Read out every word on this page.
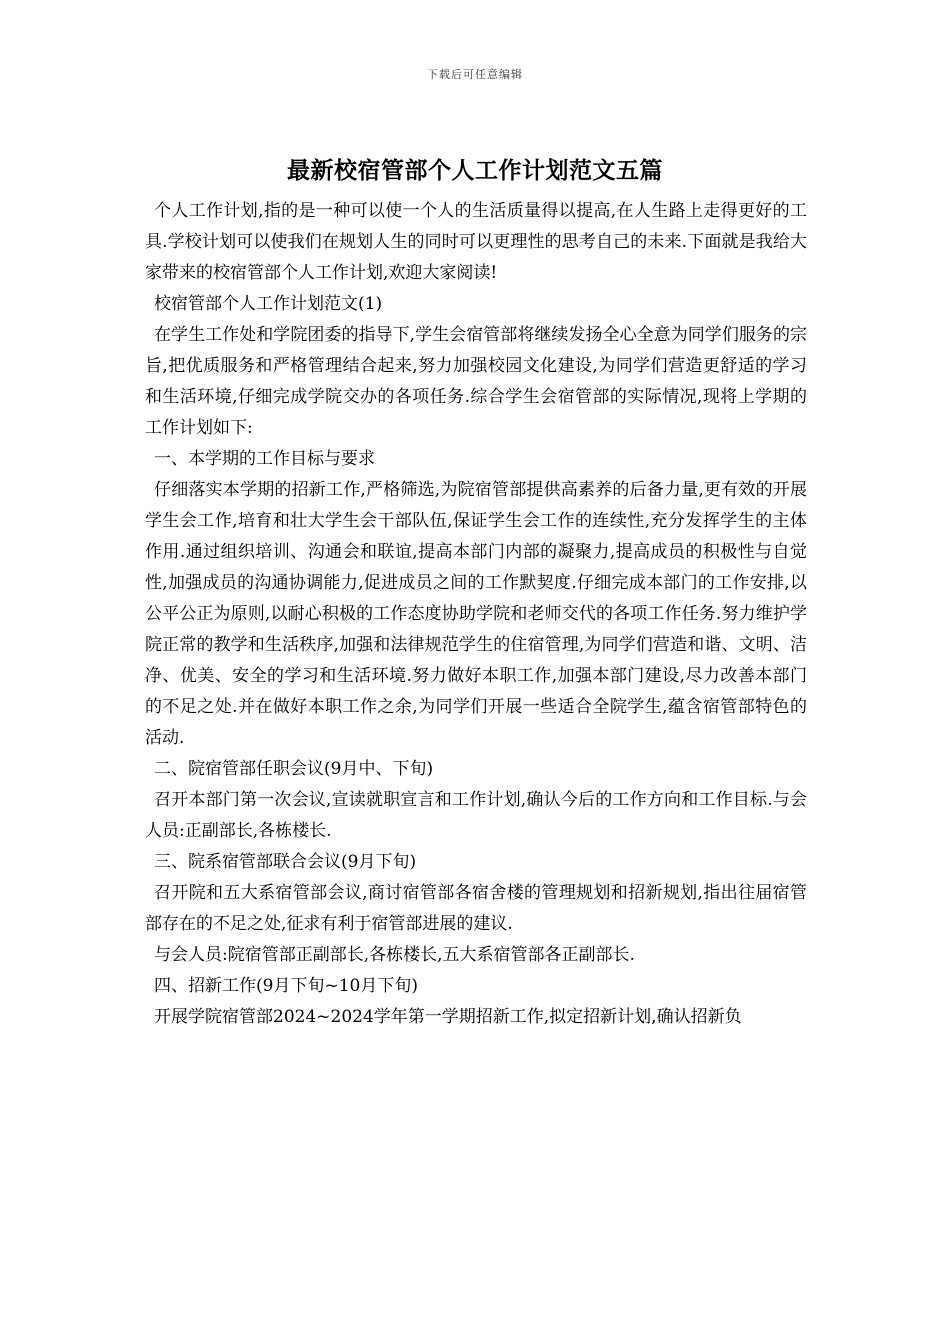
下载后可任意编辑
最新校宿管部个人工作计划范文五篇

个人工作计划,指的是一种可以使一个人的生活质量得以提高,在人生路上走得更好的工具.学校计划可以使我们在规划人生的同时可以更理性的思考自己的未来.下面就是我给大家带来的校宿管部个人工作计划,欢迎大家阅读!

校宿管部个人工作计划范文(1)

在学生工作处和学院团委的指导下,学生会宿管部将继续发扬全心全意为同学们服务的宗旨,把优质服务和严格管理结合起来,努力加强校园文化建设,为同学们营造更舒适的学习和生活环境,仔细完成学院交办的各项任务.综合学生会宿管部的实际情况,现将上学期的工作计划如下:

一、本学期的工作目标与要求

仔细落实本学期的招新工作,严格筛选,为院宿管部提供高素养的后备力量,更有效的开展学生会工作,培育和壮大学生会干部队伍,保证学生会工作的连续性,充分发挥学生的主体作用.通过组织培训、沟通会和联谊,提高本部门内部的凝聚力,提高成员的积极性与自觉性,加强成员的沟通协调能力,促进成员之间的工作默契度.仔细完成本部门的工作安排,以公平公正为原则,以耐心积极的工作态度协助学院和老师交代的各项工作任务.努力维护学院正常的教学和生活秩序,加强和法律规范学生的住宿管理,为同学们营造和谐、文明、洁净、优美、安全的学习和生活环境.努力做好本职工作,加强本部门建设,尽力改善本部门的不足之处.并在做好本职工作之余,为同学们开展一些适合全院学生,蕴含宿管部特色的活动.

二、院宿管部任职会议(9月中、下旬)

召开本部门第一次会议,宣读就职宣言和工作计划,确认今后的工作方向和工作目标.与会人员:正副部长,各栋楼长.

三、院系宿管部联合会议(9月下旬)

召开院和五大系宿管部会议,商讨宿管部各宿舍楼的管理规划和招新规划,指出往届宿管部存在的不足之处,征求有利于宿管部进展的建议.

与会人员:院宿管部正副部长,各栋楼长,五大系宿管部各正副部长.

四、招新工作(9月下旬~10月下旬)

开展学院宿管部2024~2024学年第一学期招新工作,拟定招新计划,确认招新负
